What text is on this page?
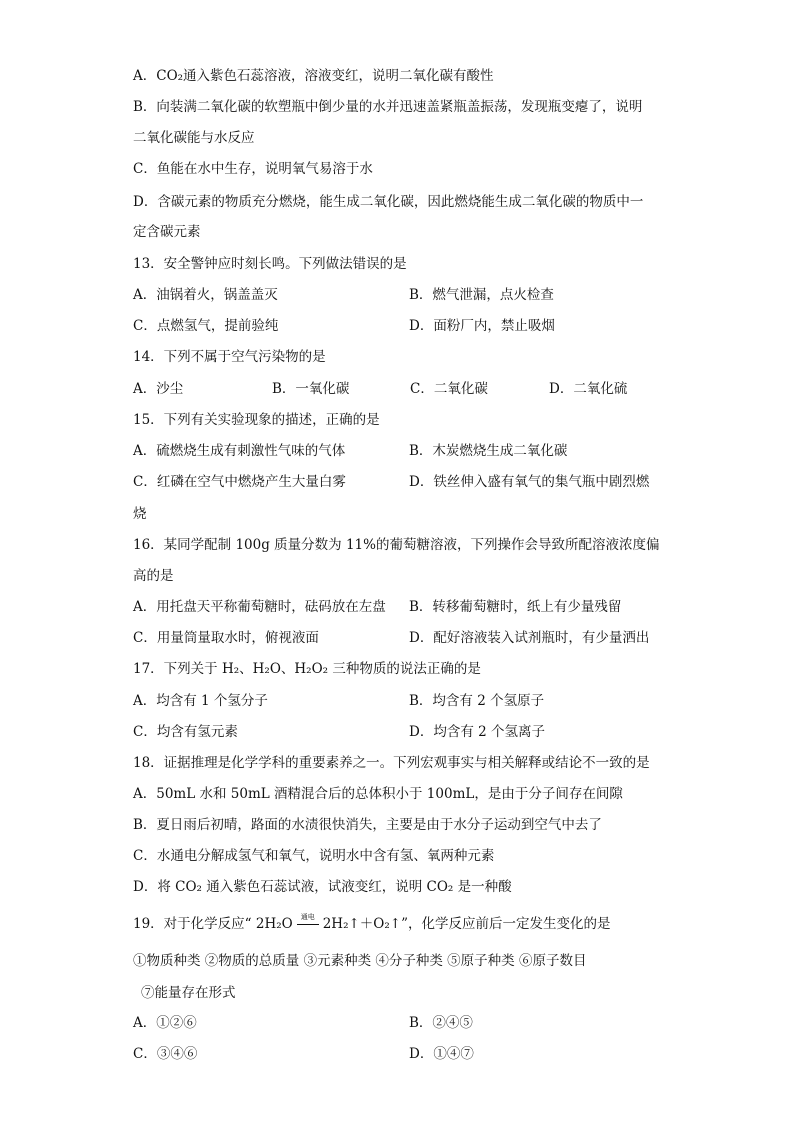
A．CO₂通入紫色石蕊溶液，溶液变红，说明二氧化碳有酸性
B．向装满二氧化碳的软塑瓶中倒少量的水并迅速盖紧瓶盖振荡，发现瓶变瘪了，说明
二氧化碳能与水反应
C．鱼能在水中生存，说明氧气易溶于水
D．含碳元素的物质充分燃烧，能生成二氧化碳，因此燃烧能生成二氧化碳的物质中一
定含碳元素
13．安全警钟应时刻长鸣。下列做法错误的是
A．油锅着火，锅盖盖灭	B．燃气泄漏，点火检查
C．点燃氢气，提前验纯	D．面粉厂内，禁止吸烟
14．下列不属于空气污染物的是
A．沙尘	B．一氧化碳	C．二氧化碳	D．二氧化硫
15．下列有关实验现象的描述，正确的是
A．硫燃烧生成有刺激性气味的气体	B．木炭燃烧生成二氧化碳
C．红磷在空气中燃烧产生大量白雾	D．铁丝伸入盛有氧气的集气瓶中剧烈燃
烧
16．某同学配制 100g 质量分数为 11%的葡萄糖溶液，下列操作会导致所配溶液浓度偏
高的是
A．用托盘天平称葡萄糖时，砝码放在左盘 B．转移葡萄糖时，纸上有少量残留
C．用量筒量取水时，俯视液面	D．配好溶液装入试剂瓶时，有少量洒出
17．下列关于 H₂、H₂O、H₂O₂ 三种物质的说法正确的是
A．均含有 1 个氢分子	B．均含有 2 个氢原子
C．均含有氢元素	D．均含有 2 个氢离子
18．证据推理是化学学科的重要素养之一。下列宏观事实与相关解释或结论不一致的是
A．50mL 水和 50mL 酒精混合后的总体积小于 100mL，是由于分子间存在间隙
B．夏日雨后初晴，路面的水渍很快消失，主要是由于水分子运动到空气中去了
C．水通电分解成氢气和氧气，说明水中含有氢、氧两种元素
D．将 CO₂ 通入紫色石蕊试液，试液变红，说明 CO₂ 是一种酸
19．对于化学反应“ 2H₂O	通电 2H₂↑＋O₂↑”，化学反应前后一定发生变化的是
①物质种类 ②物质的总质量 ③元素种类 ④分子种类 ⑤原子种类 ⑥原子数目
⑦能量存在形式
A．①②⑥	B．②④⑤
C．③④⑥	D．①④⑦
